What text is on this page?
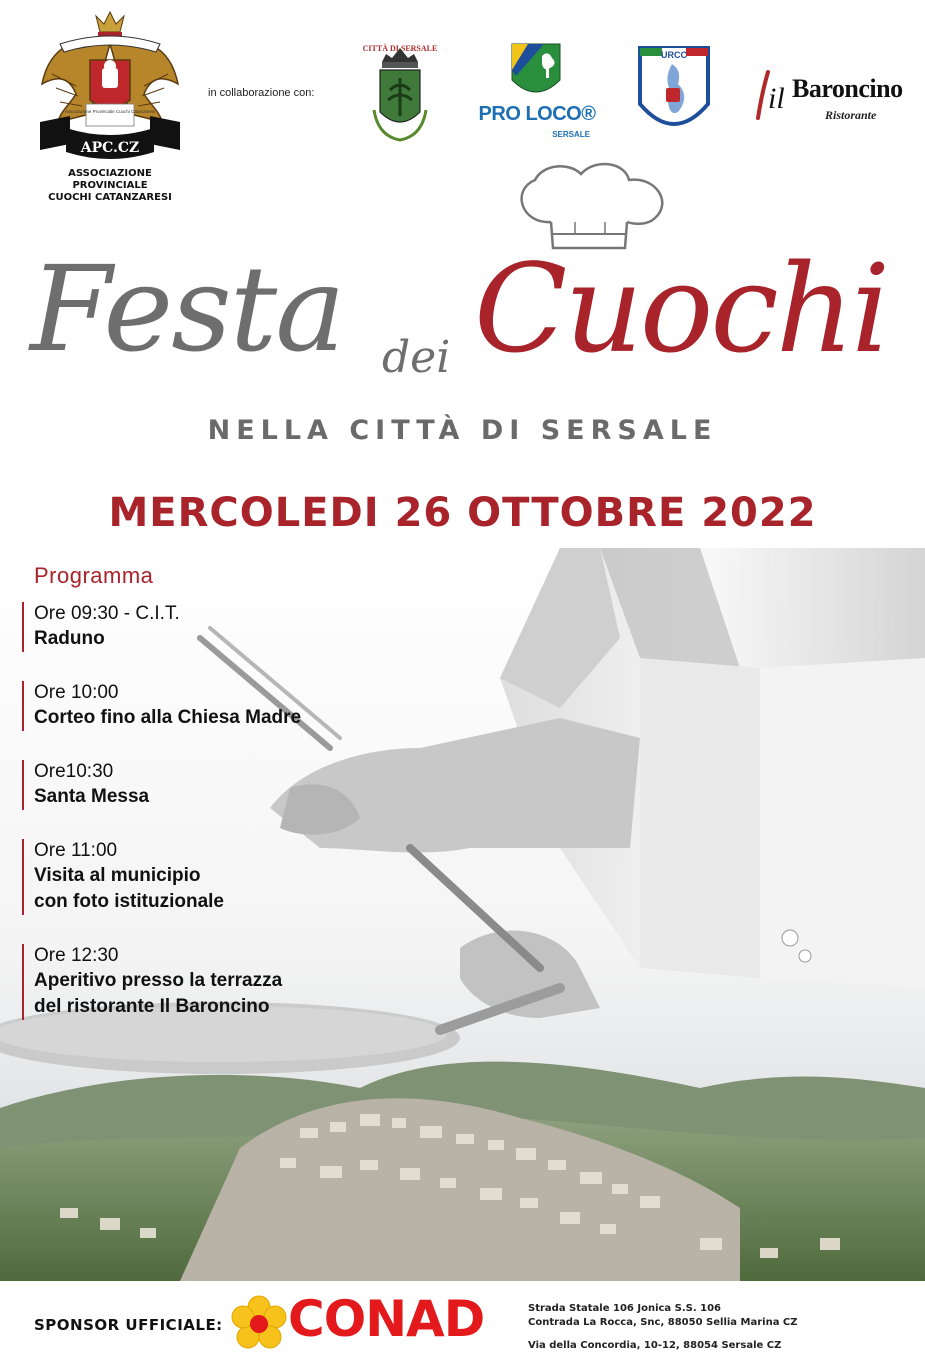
Associazione Provinciale Cuochi Catanzaresi
APC.CZ
ASSOCIAZIONE PROVINCIALE
CUOCHI CATANZARESI
in collaborazione con:
CITTÀ DI SERSALE
PRO LOCO®
SERSALE
URCC
il Baroncino
Ristorante
Festa dei Cuochi
NELLA CITTÀ DI SERSALE
MERCOLEDI 26 OTTOBRE 2022
Programma
Ore 09:30 - C.I.T.
Raduno
Ore 10:00
Corteo fino alla Chiesa Madre
Ore10:30
Santa Messa
Ore 11:00
Visita al municipio
con foto istituzionale
Ore 12:30
Aperitivo presso la terrazza
del ristorante Il Baroncino
SPONSOR UFFICIALE: CONAD	Strada Statale 106 Jonica S.S. 106
Contrada La Rocca, Snc, 88050 Sellia Marina CZ
Via della Concordia, 10-12, 88054 Sersale CZ
